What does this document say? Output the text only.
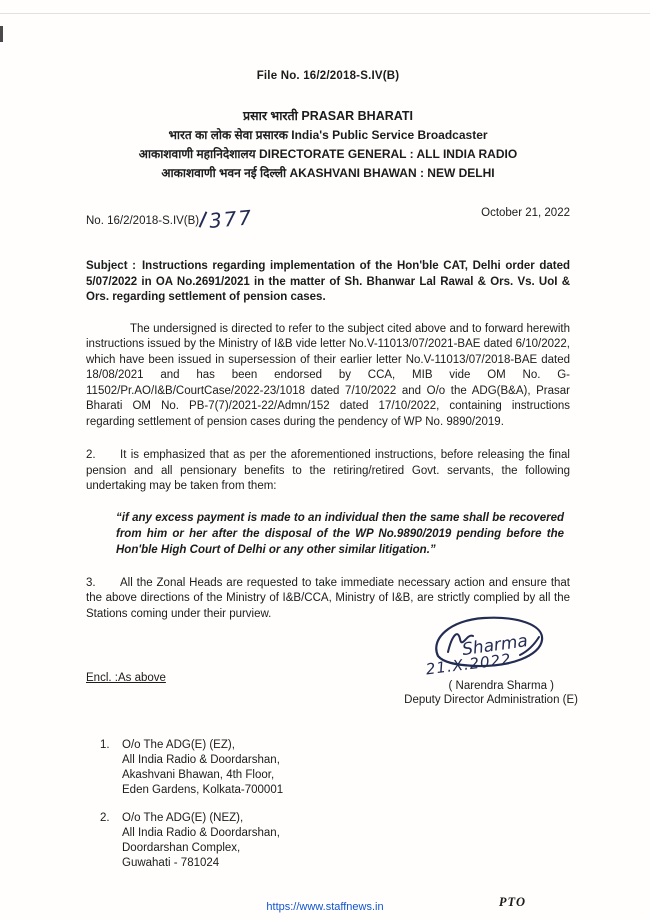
File No. 16/2/2018-S.IV(B)
प्रसार भारती PRASAR BHARATI
भारत का लोक सेवा प्रसारक India's Public Service Broadcaster
आकाशवाणी महानिदेशालय DIRECTORATE GENERAL : ALL INDIA RADIO
आकाशवाणी भवन नई दिल्ली AKASHVANI BHAWAN : NEW DELHI
No. 16/2/2018-S.IV(B) 377	October 21, 2022

Subject : Instructions regarding implementation of the Hon'ble CAT, Delhi order dated 5/07/2022 in OA No.2691/2021 in the matter of Sh. Bhanwar Lal Rawal & Ors. Vs. UoI & Ors. regarding settlement of pension cases.

The undersigned is directed to refer to the subject cited above and to forward herewith instructions issued by the Ministry of I&B vide letter No.V-11013/07/2021-BAE dated 6/10/2022, which have been issued in supersession of their earlier letter No.V-11013/07/2018-BAE dated 18/08/2021 and has been endorsed by CCA, MIB vide OM No. G-11502/Pr.AO/I&B/CourtCase/2022-23/1018 dated 7/10/2022 and O/o the ADG(B&A), Prasar Bharati OM No. PB-7(7)/2021-22/Admn/152 dated 17/10/2022, containing instructions regarding settlement of pension cases during the pendency of WP No. 9890/2019.

2. It is emphasized that as per the aforementioned instructions, before releasing the final pension and all pensionary benefits to the retiring/retired Govt. servants, the following undertaking may be taken from them:

“if any excess payment is made to an individual then the same shall be recovered from him or her after the disposal of the WP No.9890/2019 pending before the Hon'ble High Court of Delhi or any other similar litigation.”

3. All the Zonal Heads are requested to take immediate necessary action and ensure that the above directions of the Ministry of I&B/CCA, Ministry of I&B, are strictly complied by all the Stations coming under their purview.

Encl. :As above
Sharma
21.X.2022
( Narendra Sharma )
Deputy Director Administration (E)
1. O/o The ADG(E) (EZ),
All India Radio & Doordarshan,
Akashvani Bhawan, 4th Floor,
Eden Gardens, Kolkata-700001
2. O/o The ADG(E) (NEZ),
All India Radio & Doordarshan,
Doordarshan Complex,
Guwahati - 781024
PTO
https://www.staffnews.in
